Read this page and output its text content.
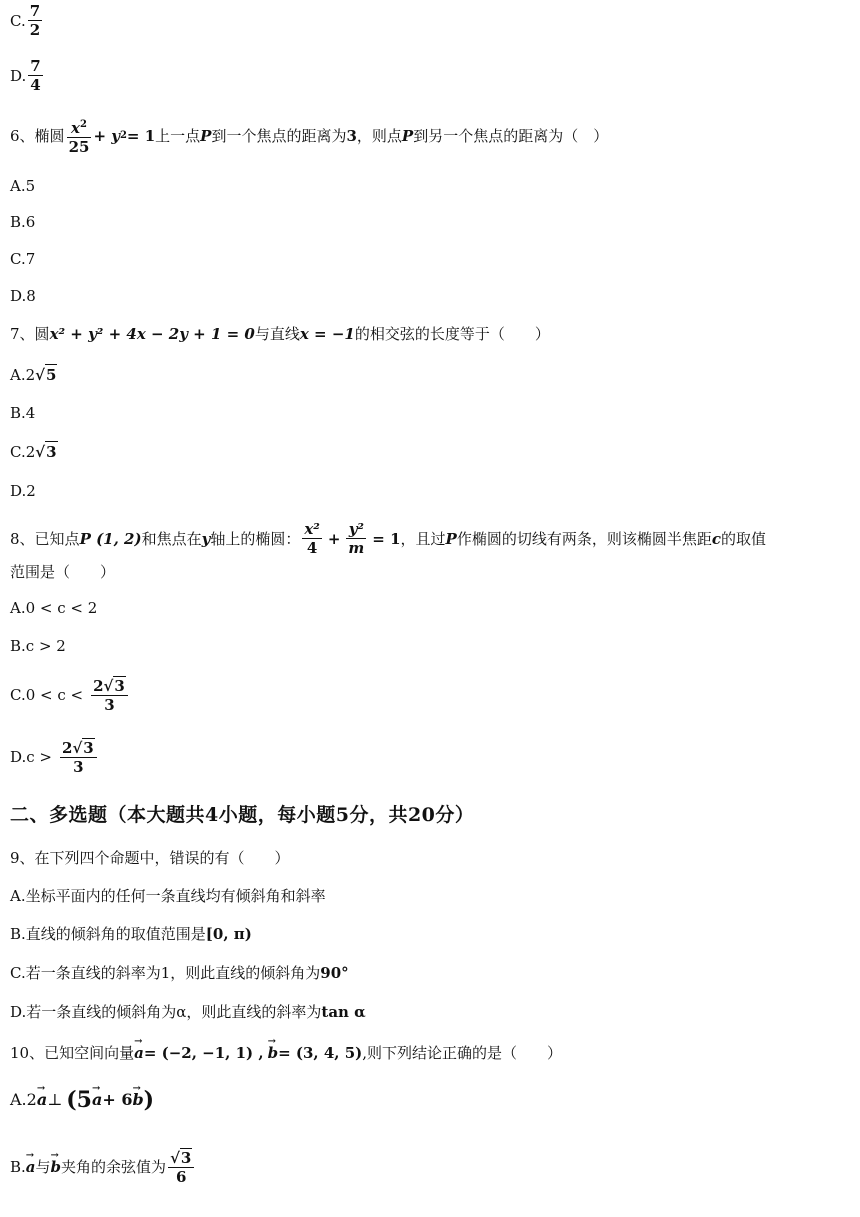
C. $\frac{7}{2}$
D. $\frac{7}{4}$
6、 椭圆 $\frac{x^2}{25} + y$ 2 = 1 上一点 P 到一个焦点的距离为 3 ，则点 P 到另一个焦点的距离为（　）
A.5
B.6
C.7
D.8
7、 圆 x² + y² + 4x − 2y + 1 = 0 与直线 x = −1 的相交弦的长度等于（　　）
A.2 √ 5
B.4
C.2 √ 3
D.2
8、 已知点 P (1, 2) 和焦点在 y 轴上的椭圆： $\frac{\text{x²}}{4} + \frac{\text{y²}}{m} = 1$ ，且过 P 作椭圆的切线有两条，则该椭圆半焦距 c 的取值
范围是（　　）
A.0 < c < 2
B.c > 2
$C.0 < c < \frac{2 √ 3}{3}$
$D.c > \frac{2 √ 3}{3}$
二、多选题（本大题共4小题，每小题5分，共20分）
9、在下列四个命题中，错误的有（　　）
A.坐标平面内的任何一条直线均有倾斜角和斜率
B.直线的倾斜角的取值范围是 [0, π)
C.若一条直线的斜率为1，则此直线的倾斜角为 90°
D.若一条直线的倾斜角为α，则此直线的斜率为 tan α
10、已知空间向量 → a = (−2, −1, 1) , → b = (3, 4, 5) ,则下列结论正确的是（　　）
A.2 → a ⊥ (5 → a + 6 → b )
B. → a 与 → b 夹角的余弦值为 $\frac{√ 3}{6}$
